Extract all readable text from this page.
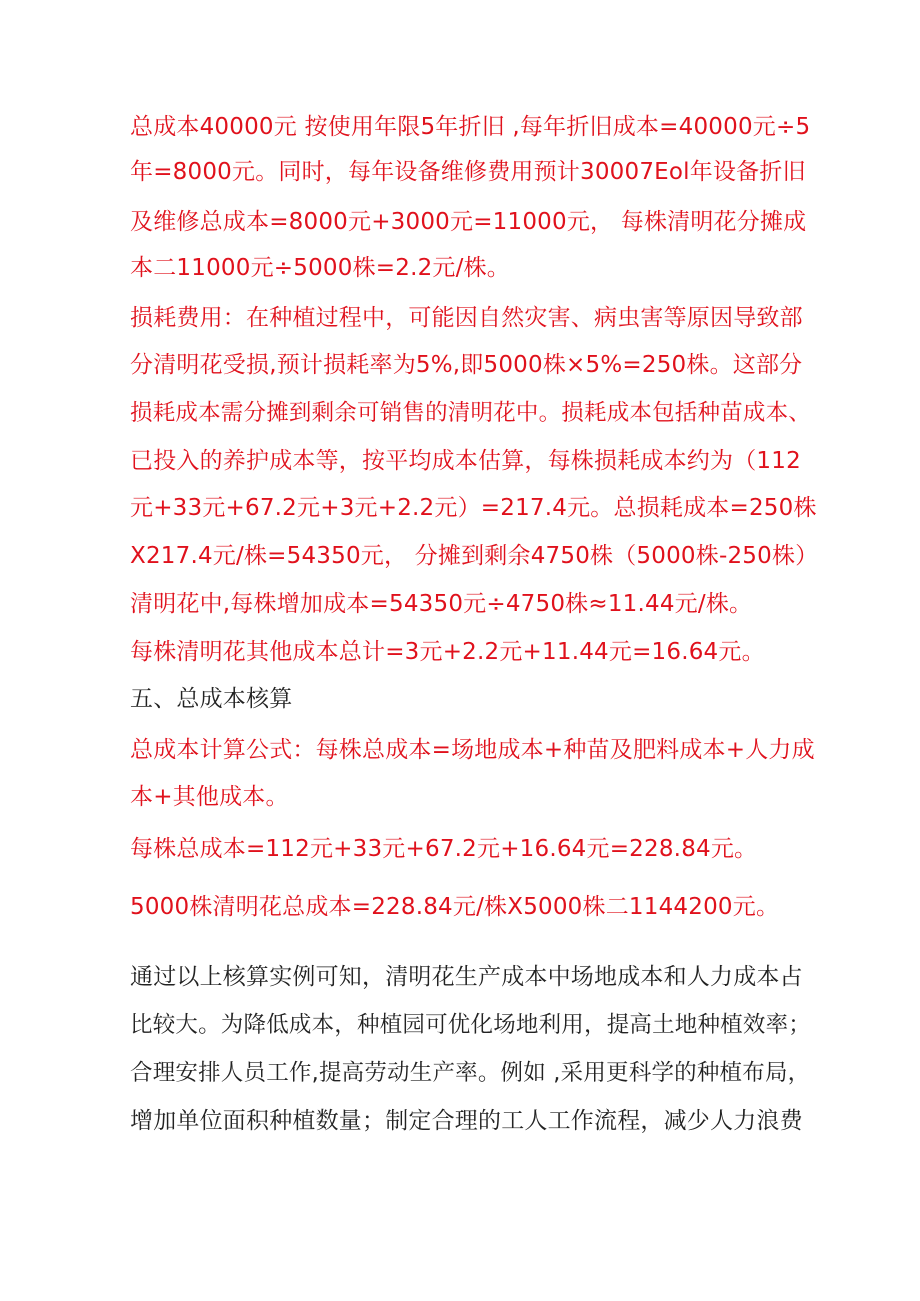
总成本40000元 按使用年限5年折旧 ,每年折旧成本=40000元÷5
年=8000元。同时，每年设备维修费用预计30007Eol年设备折旧
及维修总成本=8000元+3000元=11000元， 每株清明花分摊成
本二11000元÷5000株=2.2元/株。
损耗费用：在种植过程中，可能因自然灾害、病虫害等原因导致部
分清明花受损,预计损耗率为5%,即5000株×5%=250株。这部分
损耗成本需分摊到剩余可销售的清明花中。损耗成本包括种苗成本、
已投入的养护成本等，按平均成本估算，每株损耗成本约为（112
元+33元+67.2元+3元+2.2元）=217.4元。总损耗成本=250株
X217.4元/株=54350元， 分摊到剩余4750株（5000株-250株）
清明花中,每株增加成本=54350元÷4750株≈11.44元/株。
每株清明花其他成本总计=3元+2.2元+11.44元=16.64元。
五、总成本核算
总成本计算公式：每株总成本=场地成本+种苗及肥料成本+人力成
本+其他成本。
每株总成本=112元+33元+67.2元+16.64元=228.84元。
5000株清明花总成本=228.84元/株X5000株二1144200元。
通过以上核算实例可知，清明花生产成本中场地成本和人力成本占
比较大。为降低成本，种植园可优化场地利用，提高土地种植效率；
合理安排人员工作,提高劳动生产率。例如 ,采用更科学的种植布局，
增加单位面积种植数量；制定合理的工人工作流程，减少人力浪费
